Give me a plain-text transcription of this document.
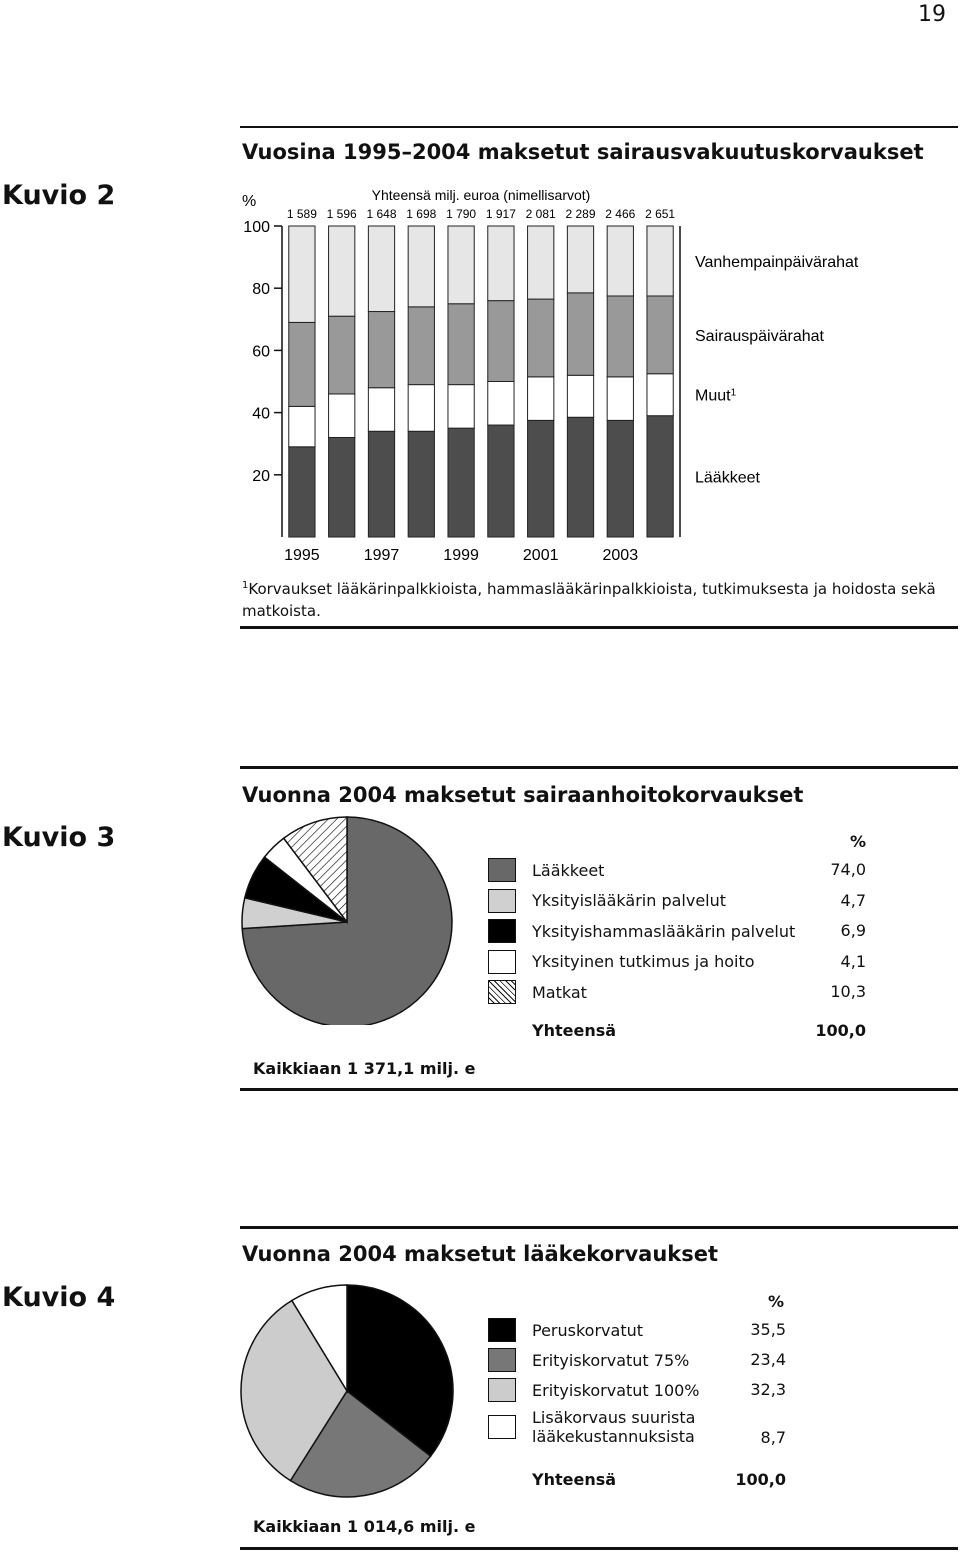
19
Vuosina 1995–2004 maksetut sairausvakuutuskorvaukset
Kuvio 2
20
40
60
80
100
%	Yhteensä milj. euroa (nimellisarvot)
1 589 1 596 1 648 1 698 1 790 1 917 2 081 2 289 2 466 2 651
1995	1997	1999	2001	2003
Lääkkeet
Muut$^1$
Sairauspäivärahat
Vanhempainpäivärahat
$^1$Korvaukset lääkärinpalkkioista, hammaslääkärinpalkkioista, tutkimuksesta ja hoidosta sekä
matkoista.
Vuonna 2004 maksetut sairaanhoitokorvaukset
Kuvio 3	%
Lääkkeet	74,0
Yksityislääkärin palvelut	4,7
Yksityishammaslääkärin palvelut	6,9
Yksityinen tutkimus ja hoito	4,1
Matkat	10,3
Yhteensä	100,0
Kaikkiaan 1 371,1 milj. e
Vuonna 2004 maksetut lääkekorvaukset
Kuvio 4	%
Peruskorvatut	35,5
Erityiskorvatut 75%	23,4
Erityiskorvatut 100%	32,3
Lisäkorvaus suurista
lääkekustannuksista	8,7
Yhteensä	100,0
Kaikkiaan 1 014,6 milj. e
